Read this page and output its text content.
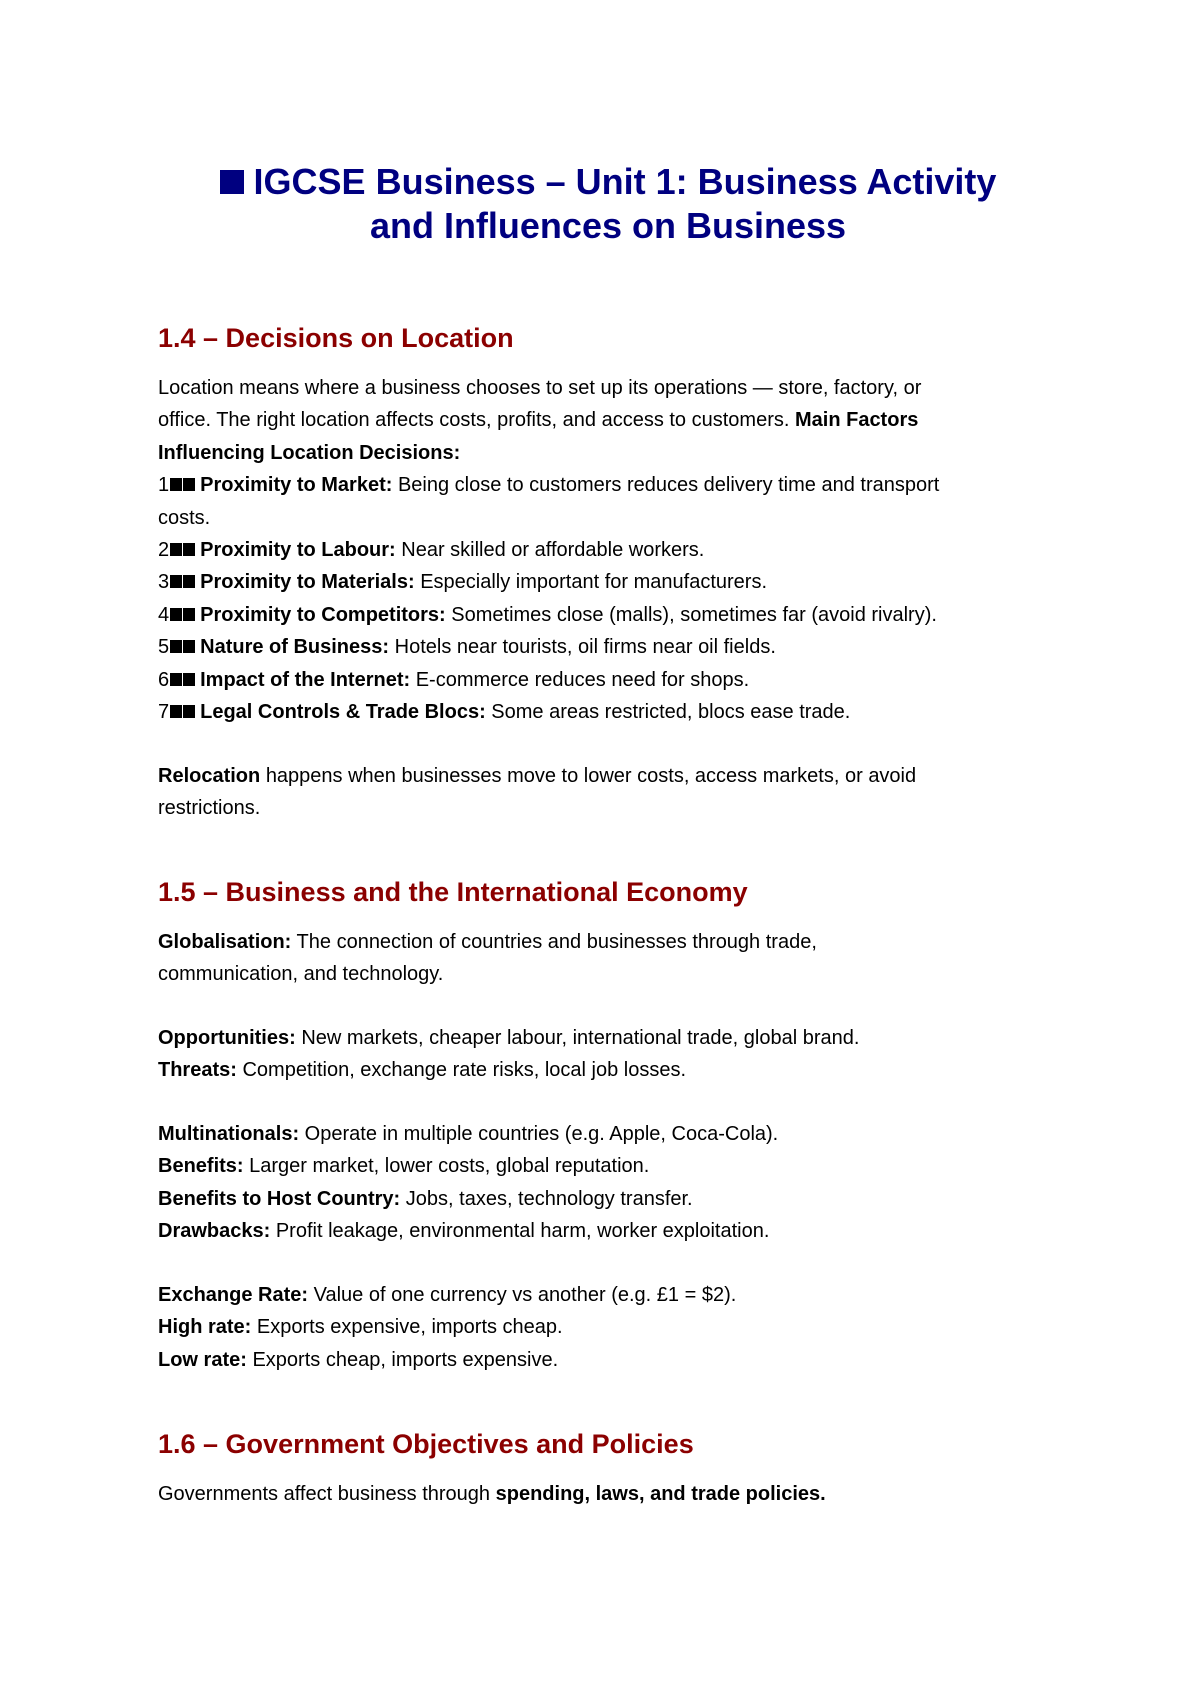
IGCSE Business – Unit 1: Business Activity
and Influences on Business
1.4 – Decisions on Location
Location means where a business chooses to set up its operations — store, factory, or
office. The right location affects costs, profits, and access to customers. Main Factors
Influencing Location Decisions:
1 Proximity to Market: Being close to customers reduces delivery time and transport
costs.
2 Proximity to Labour: Near skilled or affordable workers.
3 Proximity to Materials: Especially important for manufacturers.
4 Proximity to Competitors: Sometimes close (malls), sometimes far (avoid rivalry).
5 Nature of Business: Hotels near tourists, oil firms near oil fields.
6 Impact of the Internet: E-commerce reduces need for shops.
7 Legal Controls & Trade Blocs: Some areas restricted, blocs ease trade.
Relocation happens when businesses move to lower costs, access markets, or avoid
restrictions.
1.5 – Business and the International Economy
Globalisation: The connection of countries and businesses through trade,
communication, and technology.
Opportunities: New markets, cheaper labour, international trade, global brand.
Threats: Competition, exchange rate risks, local job losses.
Multinationals: Operate in multiple countries (e.g. Apple, Coca-Cola).
Benefits: Larger market, lower costs, global reputation.
Benefits to Host Country: Jobs, taxes, technology transfer.
Drawbacks: Profit leakage, environmental harm, worker exploitation.
Exchange Rate: Value of one currency vs another (e.g. £1 = $2).
High rate: Exports expensive, imports cheap.
Low rate: Exports cheap, imports expensive.
1.6 – Government Objectives and Policies
Governments affect business through spending, laws, and trade policies.
